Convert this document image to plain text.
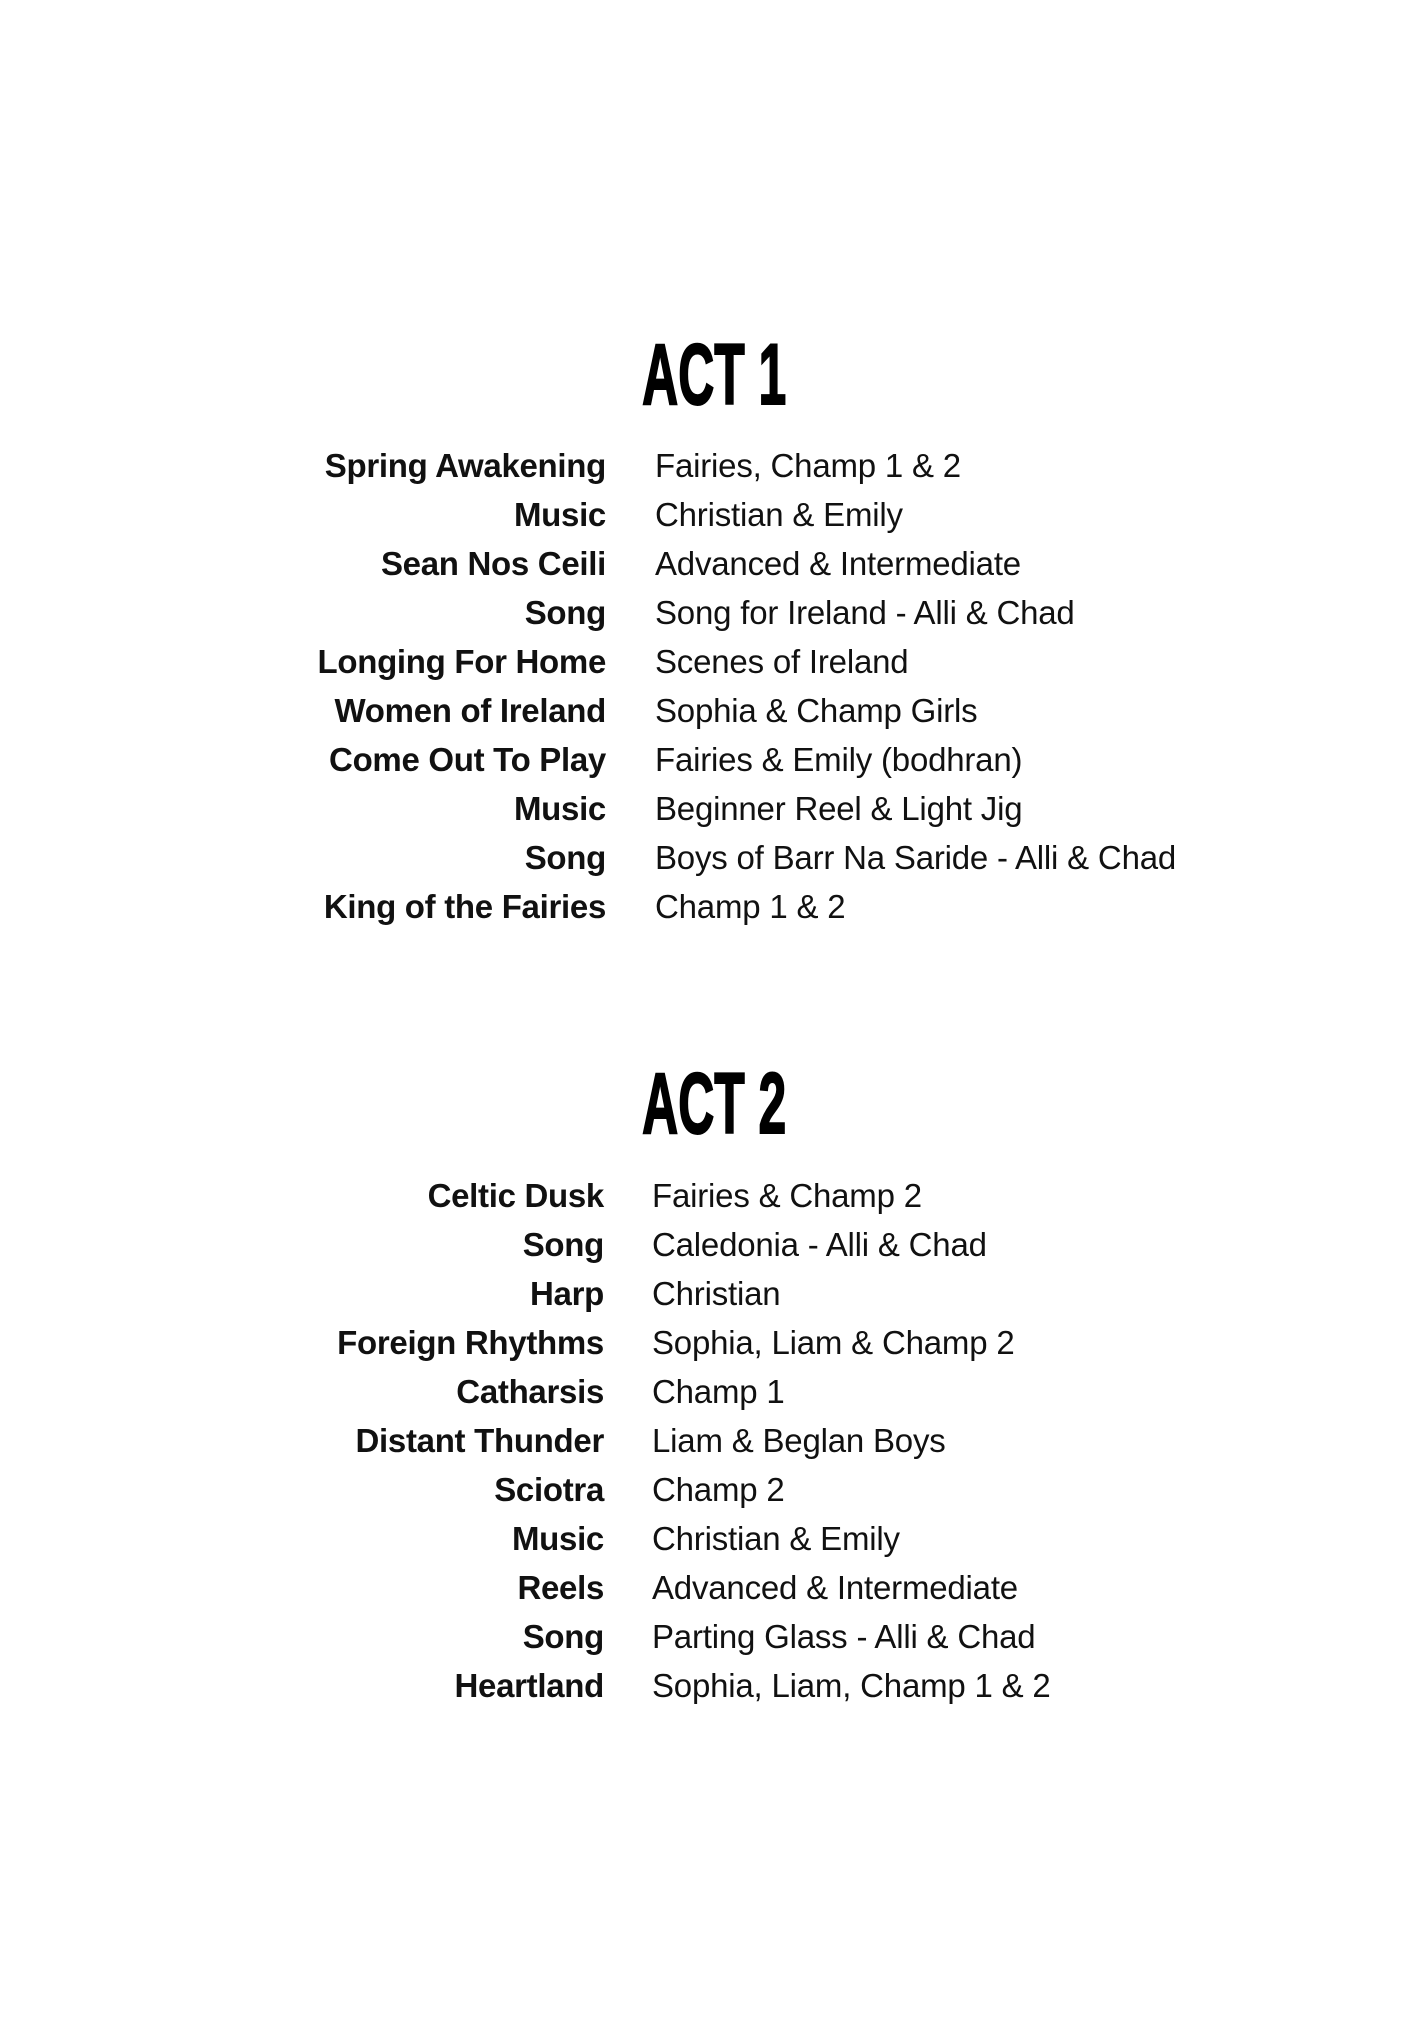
ACT 1
Spring Awakening Fairies, Champ 1 & 2
Music Christian & Emily
Sean Nos Ceili Advanced & Intermediate
Song Song for Ireland - Alli & Chad
Longing For Home Scenes of Ireland
Women of Ireland Sophia & Champ Girls
Come Out To Play Fairies & Emily (bodhran)
Music Beginner Reel & Light Jig
Song Boys of Barr Na Saride - Alli & Chad
King of the Fairies Champ 1 & 2
ACT 2
Celtic Dusk Fairies & Champ 2
Song Caledonia - Alli & Chad
Harp Christian
Foreign Rhythms Sophia, Liam & Champ 2
Catharsis Champ 1
Distant Thunder Liam & Beglan Boys
Sciotra Champ 2
Music Christian & Emily
Reels Advanced & Intermediate
Song Parting Glass - Alli & Chad
Heartland Sophia, Liam, Champ 1 & 2
